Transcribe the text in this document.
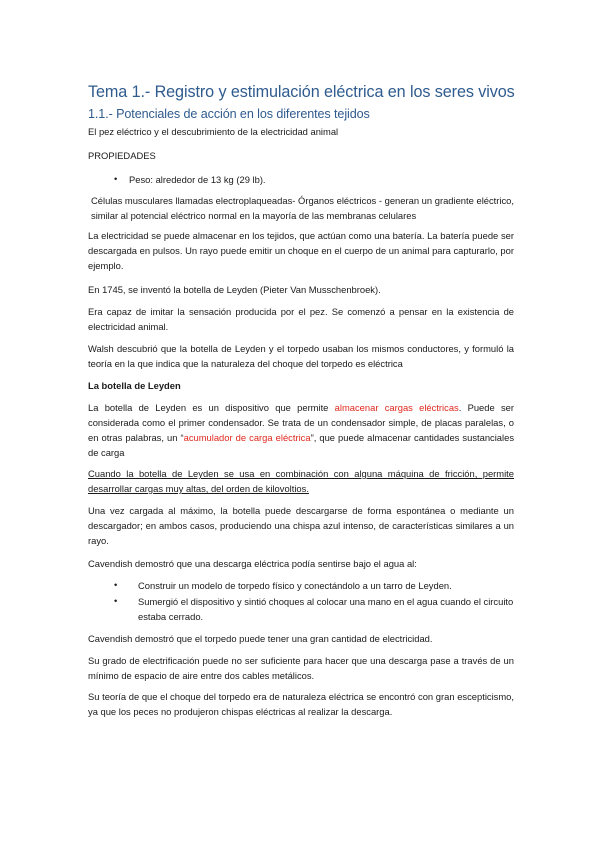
Tema 1.- Registro y estimulación eléctrica en los seres vivos
1.1.- Potenciales de acción en los diferentes tejidos
El pez eléctrico y el descubrimiento de la electricidad animal
PROPIEDADES
• Peso: alrededor de 13 kg (29 lb).
Células musculares llamadas electroplaqueadas- Órganos eléctricos - generan un gradiente eléctrico, similar al potencial eléctrico normal en la mayoría de las membranas celulares
La electricidad se puede almacenar en los tejidos, que actúan como una batería. La batería puede ser descargada en pulsos. Un rayo puede emitir un choque en el cuerpo de un animal para capturarlo, por ejemplo.
En 1745, se inventó la botella de Leyden (Pieter Van Musschenbroek).
Era capaz de imitar la sensación producida por el pez. Se comenzó a pensar en la existencia de electricidad animal.
Walsh descubrió que la botella de Leyden y el torpedo usaban los mismos conductores, y formuló la teoría en la que indica que la naturaleza del choque del torpedo es eléctrica
La botella de Leyden
La botella de Leyden es un dispositivo que permite almacenar cargas eléctricas. Puede ser considerada como el primer condensador. Se trata de un condensador simple, de placas paralelas, o en otras palabras, un “acumulador de carga eléctrica”, que puede almacenar cantidades sustanciales de carga
Cuando la botella de Leyden se usa en combinación con alguna máquina de fricción, permite desarrollar cargas muy altas, del orden de kilovoltios.
Una vez cargada al máximo, la botella puede descargarse de forma espontánea o mediante un descargador; en ambos casos, produciendo una chispa azul intenso, de características similares a un rayo.
Cavendish demostró que una descarga eléctrica podía sentirse bajo el agua al:
• Construir un modelo de torpedo físico y conectándolo a un tarro de Leyden.
• Sumergió el dispositivo y sintió choques al colocar una mano en el agua cuando el circuito estaba cerrado.
Cavendish demostró que el torpedo puede tener una gran cantidad de electricidad.
Su grado de electrificación puede no ser suficiente para hacer que una descarga pase a través de un mínimo de espacio de aire entre dos cables metálicos.
Su teoría de que el choque del torpedo era de naturaleza eléctrica se encontró con gran escepticismo, ya que los peces no produjeron chispas eléctricas al realizar la descarga.
